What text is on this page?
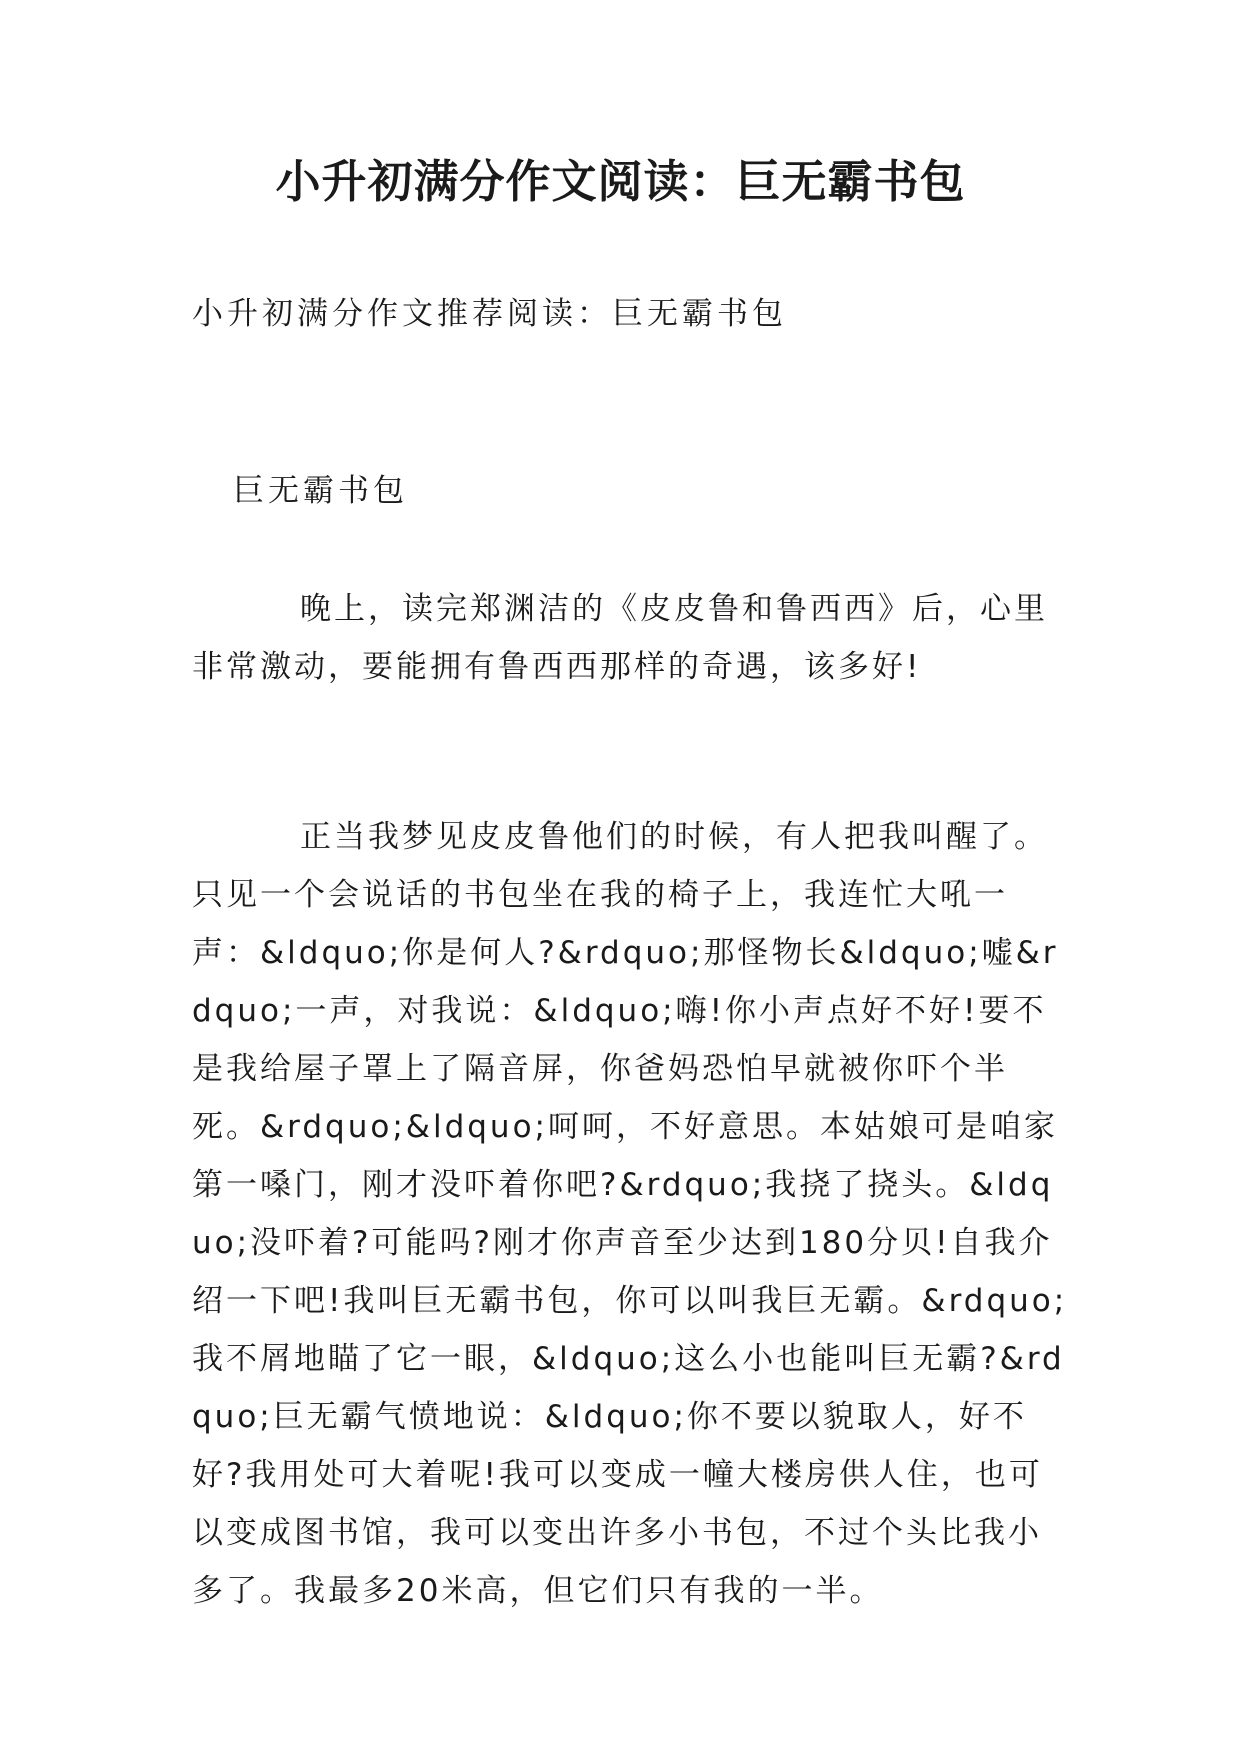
小升初满分作文阅读：巨无霸书包

小升初满分作文推荐阅读：巨无霸书包

巨无霸书包

晚上，读完郑渊洁的《皮皮鲁和鲁西西》后，心里非常激动，要能拥有鲁西西那样的奇遇，该多好!

正当我梦见皮皮鲁他们的时候，有人把我叫醒了。只见一个会说话的书包坐在我的椅子上，我连忙大吼一声：&ldquo;你是何人?&rdquo;那怪物长&ldquo;嘘&rdquo;一声，对我说：&ldquo;嗨!你小声点好不好!要不是我给屋子罩上了隔音屏，你爸妈恐怕早就被你吓个半死。&rdquo;&ldquo;呵呵，不好意思。本姑娘可是咱家第一嗓门，刚才没吓着你吧?&rdquo;我挠了挠头。&ldquo;没吓着?可能吗?刚才你声音至少达到180分贝!自我介绍一下吧!我叫巨无霸书包，你可以叫我巨无霸。&rdquo;我不屑地瞄了它一眼，&ldquo;这么小也能叫巨无霸?&rdquo;巨无霸气愤地说：&ldquo;你不要以貌取人，好不好?我用处可大着呢!我可以变成一幢大楼房供人住，也可以变成图书馆，我可以变出许多小书包，不过个头比我小多了。我最多20米高，但它们只有我的一半。
